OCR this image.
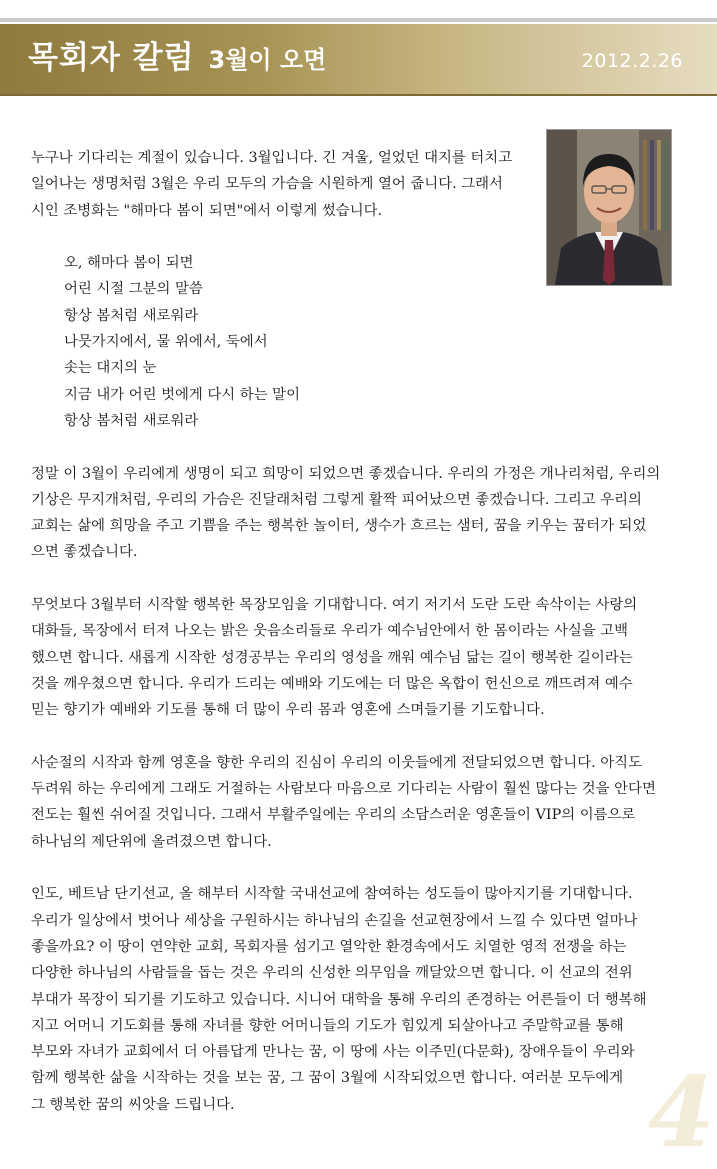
목회자 칼럼 3월이 오면	2012.2.26
누구나 기다리는 계절이 있습니다. 3월입니다. 긴 겨울, 얼었던 대지를 터치고
일어나는 생명처럼 3월은 우리 모두의 가슴을 시원하게 열어 줍니다. 그래서
시인 조병화는 "해마다 봄이 되면"에서 이렇게 썼습니다.
오, 해마다 봄이 되면
어린 시절 그분의 말씀
항상 봄처럼 새로워라
나뭇가지에서, 물 위에서, 둑에서
솟는 대지의 눈
지금 내가 어린 벗에게 다시 하는 말이
항상 봄처럼 새로워라
정말 이 3월이 우리에게 생명이 되고 희망이 되었으면 좋겠습니다. 우리의 가정은 개나리처럼, 우리의
기상은 무지개처럼, 우리의 가슴은 진달래처럼 그렇게 활짝 피어났으면 좋겠습니다. 그리고 우리의
교회는 삶에 희망을 주고 기쁨을 주는 행복한 놀이터, 생수가 흐르는 샘터, 꿈을 키우는 꿈터가 되었
으면 좋겠습니다.
무엇보다 3월부터 시작할 행복한 목장모임을 기대합니다. 여기 저기서 도란 도란 속삭이는 사랑의
대화들, 목장에서 터져 나오는 밝은 웃음소리들로 우리가 예수님안에서 한 몸이라는 사실을 고백
했으면 합니다. 새롭게 시작한 성경공부는 우리의 영성을 깨워 예수님 닮는 길이 행복한 길이라는
것을 깨우쳤으면 합니다. 우리가 드리는 예배와 기도에는 더 많은 옥합이 헌신으로 깨뜨려져 예수
믿는 향기가 예배와 기도를 통해 더 많이 우리 몸과 영혼에 스며들기를 기도합니다.
사순절의 시작과 함께 영혼을 향한 우리의 진심이 우리의 이웃들에게 전달되었으면 합니다. 아직도
두려워 하는 우리에게 그래도 거절하는 사람보다 마음으로 기다리는 사람이 훨씬 많다는 것을 안다면
전도는 훨씬 쉬어질 것입니다. 그래서 부활주일에는 우리의 소담스러운 영혼들이 VIP의 이름으로
하나님의 제단위에 올려졌으면 합니다.
인도, 베트남 단기선교, 올 해부터 시작할 국내선교에 참여하는 성도들이 많아지기를 기대합니다.
우리가 일상에서 벗어나 세상을 구원하시는 하나님의 손길을 선교현장에서 느낄 수 있다면 얼마나
좋을까요? 이 땅이 연약한 교회, 목회자를 섬기고 열악한 환경속에서도 치열한 영적 전쟁을 하는
다양한 하나님의 사람들을 돕는 것은 우리의 신성한 의무임을 깨달았으면 합니다. 이 선교의 전위
부대가 목장이 되기를 기도하고 있습니다. 시니어 대학을 통해 우리의 존경하는 어른들이 더 행복해
지고 어머니 기도회를 통해 자녀를 향한 어머니들의 기도가 힘있게 되살아나고 주말학교를 통해
부모와 자녀가 교회에서 더 아름답게 만나는 꿈, 이 땅에 사는 이주민(다문화), 장애우들이 우리와
함께 행복한 삶을 시작하는 것을 보는 꿈, 그 꿈이 3월에 시작되었으면 합니다. 여러분 모두에게
그 행복한 꿈의 씨앗을 드립니다.	4
